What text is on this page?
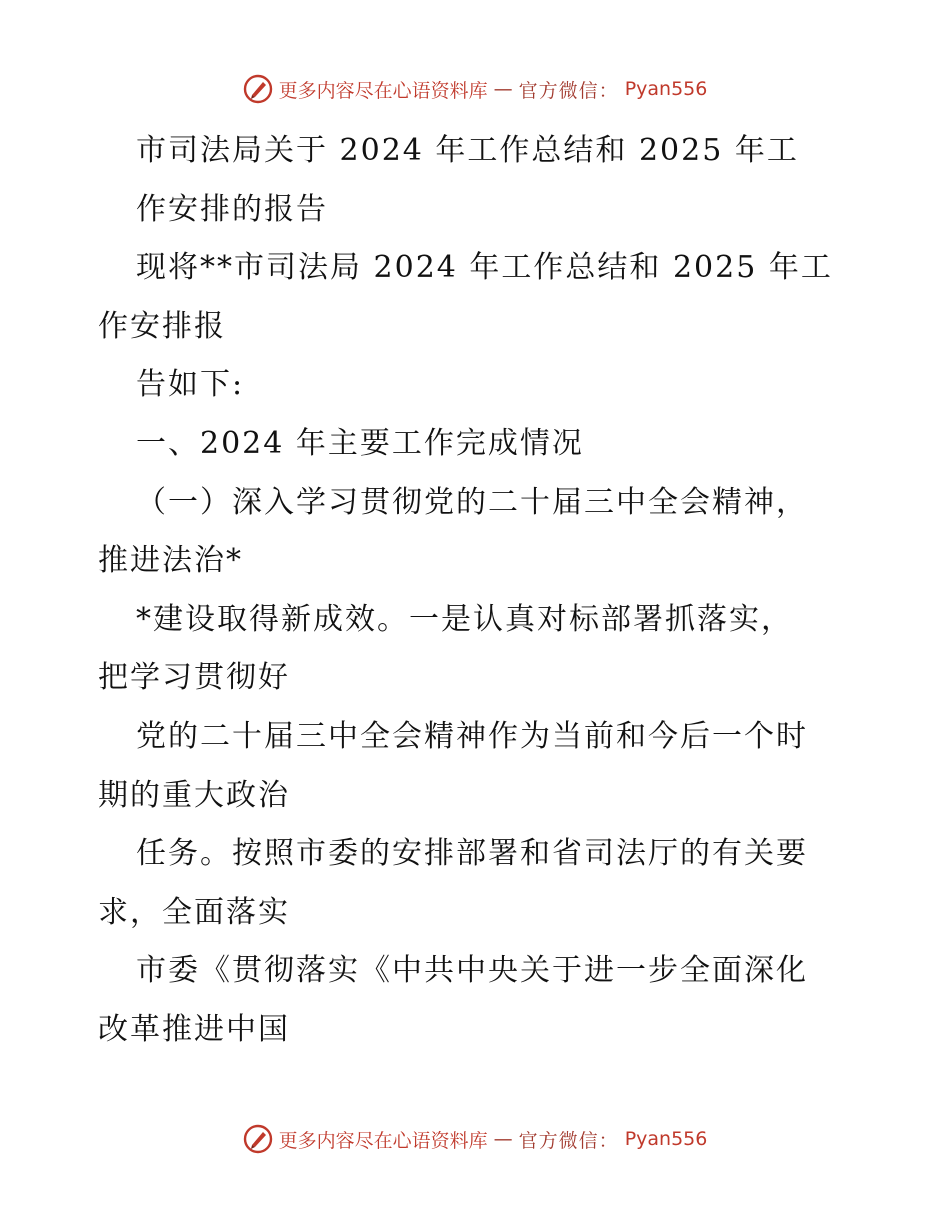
更多内容尽在心语资料库 — 官方微信： Pyan556
市司法局关于 2024 年工作总结和 2025 年工
作安排的报告
现将**市司法局 2024 年工作总结和 2025 年工
作安排报
告如下:
一、2024 年主要工作完成情况
（一）深入学习贯彻党的二十届三中全会精神，
推进法治*
*建设取得新成效。一是认真对标部署抓落实，
把学习贯彻好
党的二十届三中全会精神作为当前和今后一个时
期的重大政治
任务。按照市委的安排部署和省司法厅的有关要
求，全面落实
市委《贯彻落实《中共中央关于进一步全面深化
改革推进中国
更多内容尽在心语资料库 — 官方微信： Pyan556
